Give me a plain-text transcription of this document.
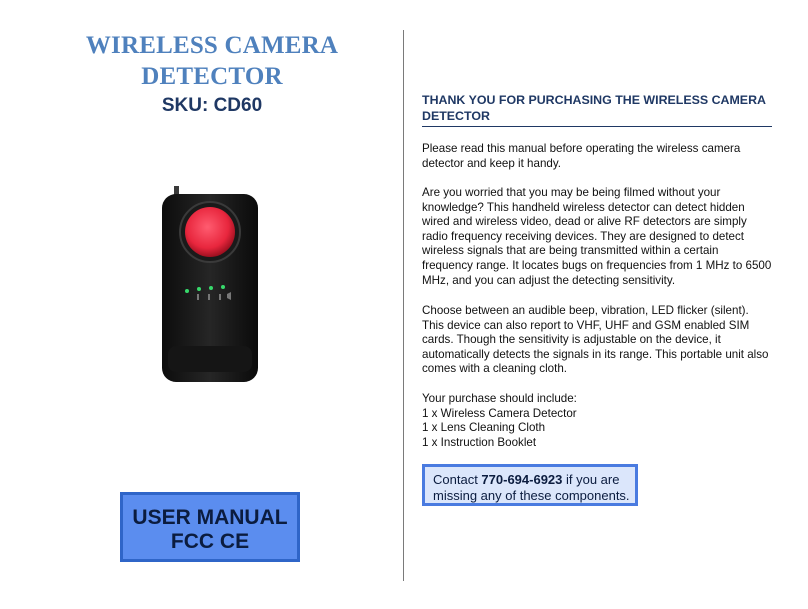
WIRELESS CAMERA
DETECTOR
SKU: CD60
USER MANUAL
FCC CE
THANK YOU FOR PURCHASING THE WIRELESS CAMERA DETECTOR
Please read this manual before operating the wireless camera detector and keep it handy.
Are you worried that you may be being filmed without your knowledge? This handheld wireless detector can detect hidden wired and wireless video, dead or alive RF detectors are simply radio frequency receiving devices. They are designed to detect wireless signals that are being transmitted within a certain frequency range. It locates bugs on frequencies from 1 MHz to 6500 MHz, and you can adjust the detecting sensitivity.
Choose between an audible beep, vibration, LED flicker (silent). This device can also report to VHF, UHF and GSM enabled SIM cards. Though the sensitivity is adjustable on the device, it automatically detects the signals in its range. This portable unit also comes with a cleaning cloth.
Your purchase should include:
1 x Wireless Camera Detector
1 x Lens Cleaning Cloth
1 x Instruction Booklet
Contact 770-694-6923 if you are missing any of these components.
